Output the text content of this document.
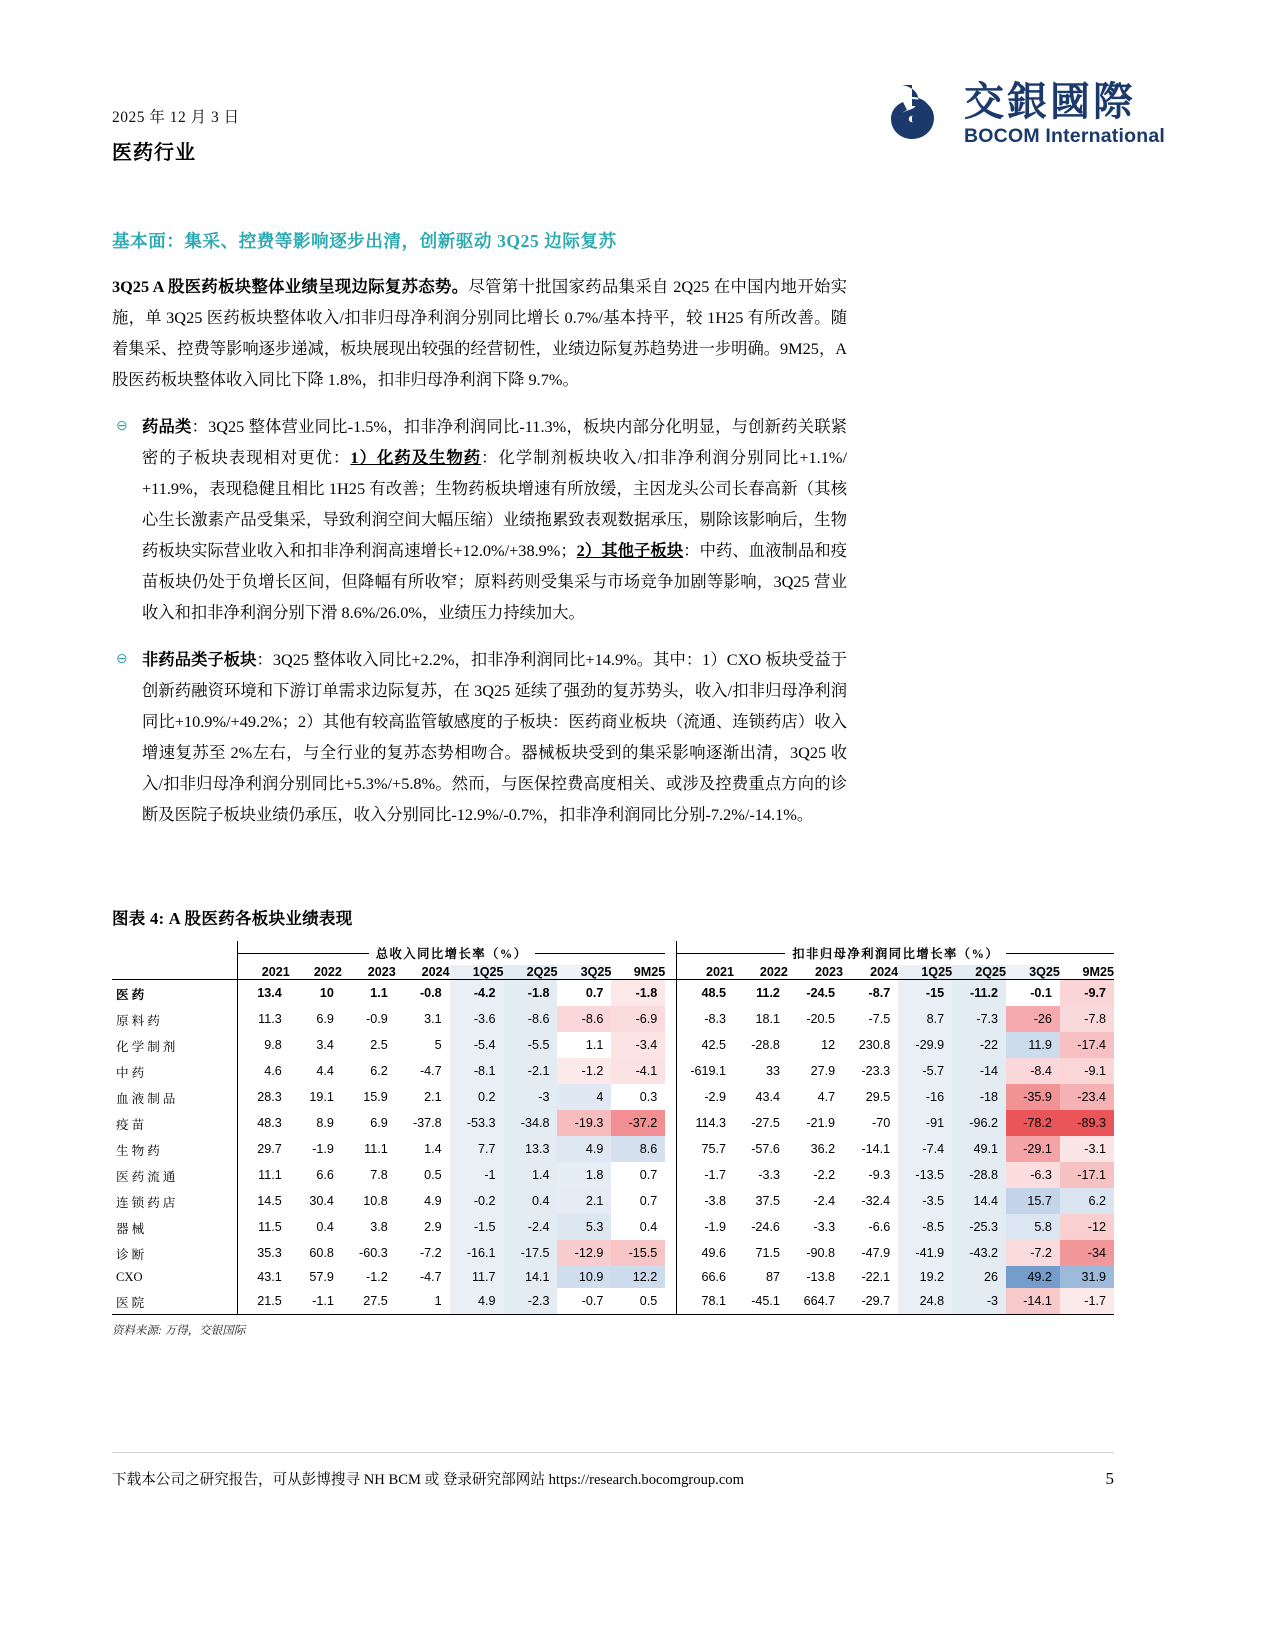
2025 年 12 月 3 日
医药行业
交銀國際
BOCOM International
基本面：集采、控费等影响逐步出清，创新驱动 3Q25 边际复苏

3Q25 A 股医药板块整体业绩呈现边际复苏态势。尽管第十批国家药品集采自 2Q25 在中国内地开始实施，单 3Q25 医药板块整体收入/扣非归母净利润分别同比增长 0.7%/基本持平，较 1H25 有所改善。随着集采、控费等影响逐步递减，板块展现出较强的经营韧性，业绩边际复苏趋势进一步明确。9M25，A 股医药板块整体收入同比下降 1.8%，扣非归母净利润下降 9.7%。

⊖ 药品类：3Q25 整体营业同比-1.5%，扣非净利润同比-11.3%，板块内部分化明显，与创新药关联紧密的子板块表现相对更优：1）化药及生物药：化学制剂板块收入/扣非净利润分别同比+1.1%/ +11.9%，表现稳健且相比 1H25 有改善；生物药板块增速有所放缓，主因龙头公司长春高新（其核心生长激素产品受集采，导致利润空间大幅压缩）业绩拖累致表观数据承压，剔除该影响后，生物药板块实际营业收入和扣非净利润高速增长+12.0%/+38.9%；2）其他子板块：中药、血液制品和疫苗板块仍处于负增长区间，但降幅有所收窄；原料药则受集采与市场竞争加剧等影响，3Q25 营业收入和扣非净利润分别下滑 8.6%/26.0%，业绩压力持续加大。
⊖ 非药品类子板块：3Q25 整体收入同比+2.2%，扣非净利润同比+14.9%。其中：1）CXO 板块受益于创新药融资环境和下游订单需求边际复苏，在 3Q25 延续了强劲的复苏势头，收入/扣非归母净利润同比+10.9%/+49.2%；2）其他有较高监管敏感度的子板块：医药商业板块（流通、连锁药店）收入增速复苏至 2%左右，与全行业的复苏态势相吻合。器械板块受到的集采影响逐渐出清，3Q25 收入/扣非归母净利润分别同比+5.3%/+5.8%。然而，与医保控费高度相关、或涉及控费重点方向的诊断及医院子板块业绩仍承压，收入分别同比-12.9%/-0.7%，扣非净利润同比分别-7.2%/-14.1%。
图表 4: A 股医药各板块业绩表现

	总收入同比增长率（%）									扣非归母净利润同比增长率（%）							

	2021	2022	2023	2024	1Q25	2Q25	3Q25	9M25		2021	2022	2023	2024	1Q25	2Q25	3Q25	9M25
医药	13.4	10	1.1	-0.8	-4.2	-1.8	0.7	-1.8		48.5	11.2	-24.5	-8.7	-15	-11.2	-0.1	-9.7
原料药	11.3	6.9	-0.9	3.1	-3.6	-8.6	-8.6	-6.9		-8.3	18.1	-20.5	-7.5	8.7	-7.3	-26	-7.8
化学制剂	9.8	3.4	2.5	5	-5.4	-5.5	1.1	-3.4		42.5	-28.8	12	230.8	-29.9	-22	11.9	-17.4
中药	4.6	4.4	6.2	-4.7	-8.1	-2.1	-1.2	-4.1		-619.1	33	27.9	-23.3	-5.7	-14	-8.4	-9.1
血液制品	28.3	19.1	15.9	2.1	0.2	-3	4	0.3		-2.9	43.4	4.7	29.5	-16	-18	-35.9	-23.4
疫苗	48.3	8.9	6.9	-37.8	-53.3	-34.8	-19.3	-37.2		114.3	-27.5	-21.9	-70	-91	-96.2	-78.2	-89.3
生物药	29.7	-1.9	11.1	1.4	7.7	13.3	4.9	8.6		75.7	-57.6	36.2	-14.1	-7.4	49.1	-29.1	-3.1
医药流通	11.1	6.6	7.8	0.5	-1	1.4	1.8	0.7		-1.7	-3.3	-2.2	-9.3	-13.5	-28.8	-6.3	-17.1
连锁药店	14.5	30.4	10.8	4.9	-0.2	0.4	2.1	0.7		-3.8	37.5	-2.4	-32.4	-3.5	14.4	15.7	6.2
器械	11.5	0.4	3.8	2.9	-1.5	-2.4	5.3	0.4		-1.9	-24.6	-3.3	-6.6	-8.5	-25.3	5.8	-12
诊断	35.3	60.8	-60.3	-7.2	-16.1	-17.5	-12.9	-15.5		49.6	71.5	-90.8	-47.9	-41.9	-43.2	-7.2	-34
CXO	43.1	57.9	-1.2	-4.7	11.7	14.1	10.9	12.2		66.6	87	-13.8	-22.1	19.2	26	49.2	31.9
医院	21.5	-1.1	27.5	1	4.9	-2.3	-0.7	0.5		78.1	-45.1	664.7	-29.7	24.8	-3	-14.1	-1.7
资料来源: 万得，交银国际
下载本公司之研究报告，可从彭博搜寻 NH BCM 或 登录研究部网站 https://research.bocomgroup.com	5
